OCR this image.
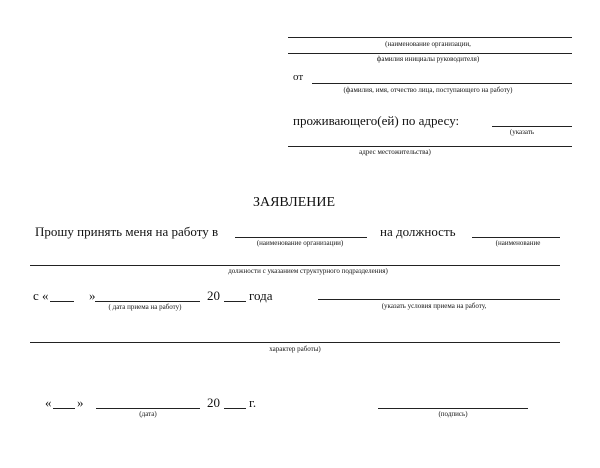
(наименование организации,
фамилия инициалы руководителя)
от
(фамилия, имя, отчество лица, поступающего на работу)
проживающего(ей) по адресу:
(указать
адрес местожительства)
ЗАЯВЛЕНИЕ
Прошу принять меня на работу в
(наименование организации)
на должность
(наименование
должности с указанием структурного подразделения)
с «	»
( дата приема на работу)
20 года
(указать условия приема на работу,
характер работы)
« »
(дата)
20 г.
(подпись)
